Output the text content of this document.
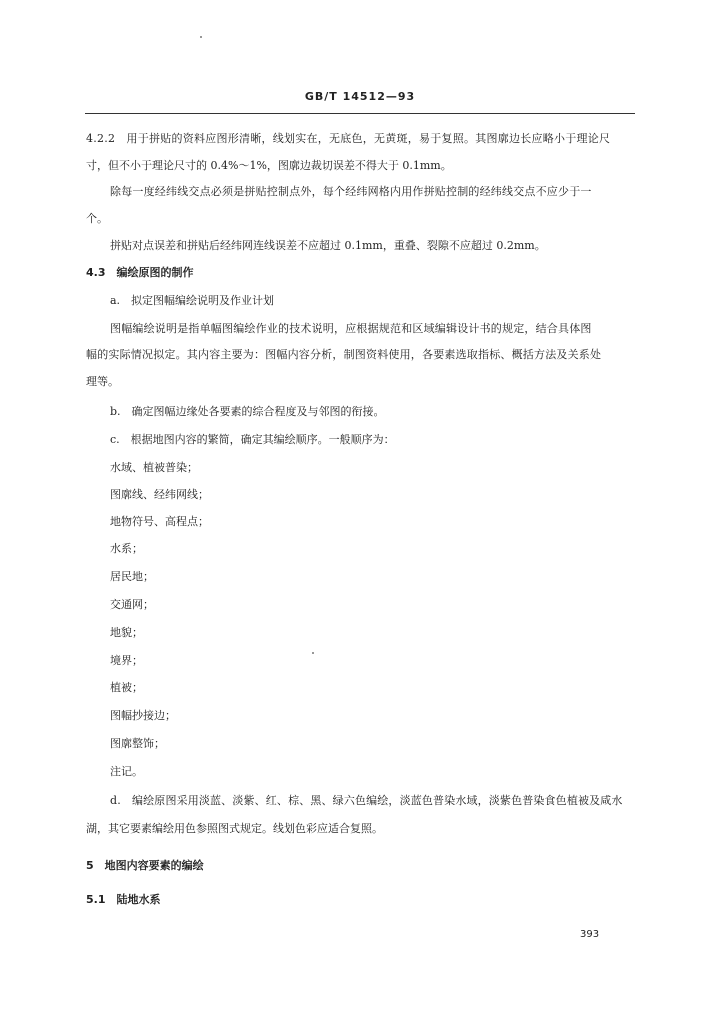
GB/T 14512—93
4.2.2　用于拼贴的资料应图形清晰，线划实在，无底色，无黄斑，易于复照。其图廓边长应略小于理论尺
寸，但不小于理论尺寸的 0.4%～1%，图廓边裁切误差不得大于 0.1mm。
除每一度经纬线交点必须是拼贴控制点外，每个经纬网格内用作拼贴控制的经纬线交点不应少于一
个。
拼贴对点误差和拼贴后经纬网连线误差不应超过 0.1mm，重叠、裂隙不应超过 0.2mm。
4.3　编绘原图的制作
a.　拟定图幅编绘说明及作业计划
图幅编绘说明是指单幅图编绘作业的技术说明，应根据规范和区域编辑设计书的规定，结合具体图
幅的实际情况拟定。其内容主要为：图幅内容分析，制图资料使用，各要素选取指标、概括方法及关系处
理等。
b.　确定图幅边缘处各要素的综合程度及与邻图的衔接。
c.　根据地图内容的繁简，确定其编绘顺序。一般顺序为：
水域、植被普染；
图廓线、经纬网线；
地物符号、高程点；
水系；
居民地；
交通网；
地貌；
境界；
植被；
图幅抄接边；
图廓整饰；
注记。
d.　编绘原图采用淡蓝、淡紫、红、棕、黑、绿六色编绘，淡蓝色普染水域，淡紫色普染食色植被及咸水
湖，其它要素编绘用色参照图式规定。线划色彩应适合复照。
5　地图内容要素的编绘
5.1　陆地水系
393
